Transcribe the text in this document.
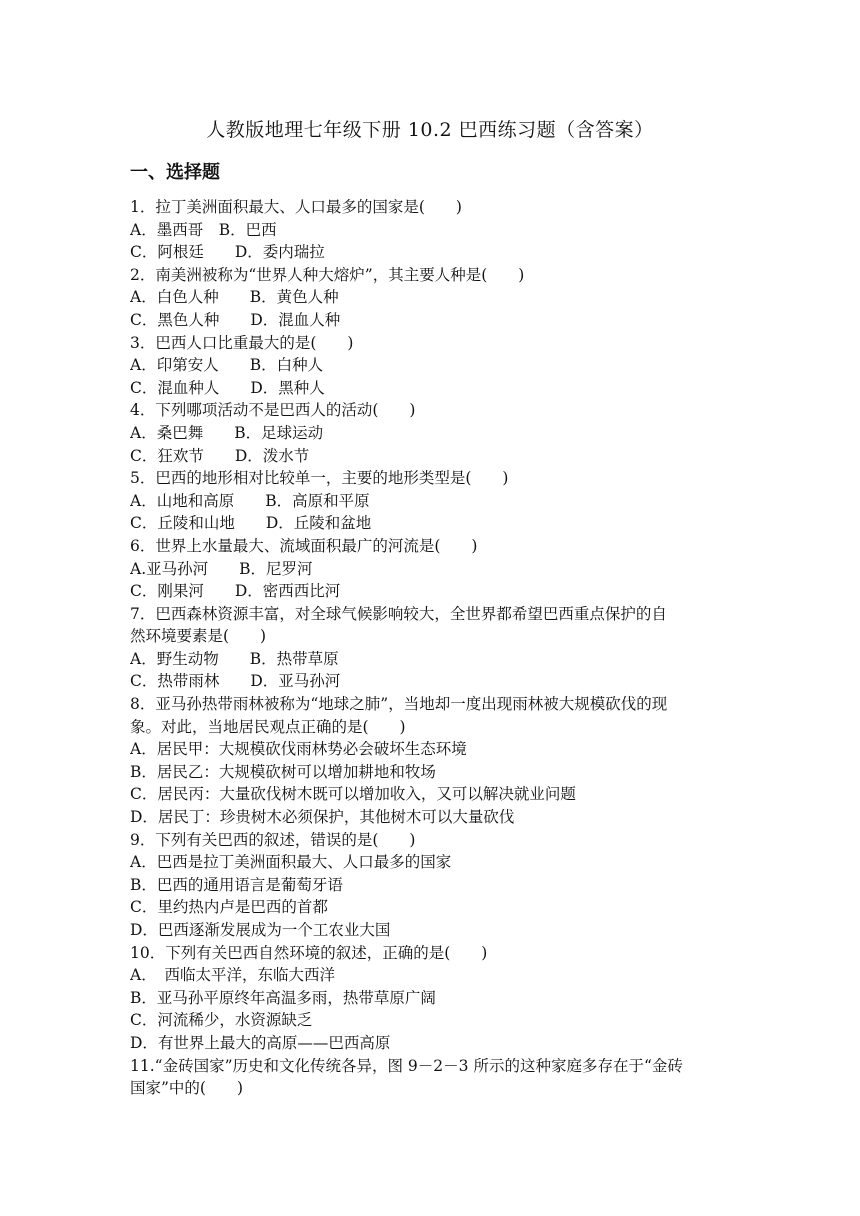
人教版地理七年级下册 10.2 巴西练习题（含答案）
一、选择题
1．拉丁美洲面积最大、人口最多的国家是(　　)
A．墨西哥　B．巴西
C．阿根廷　　D．委内瑞拉
2．南美洲被称为“世界人种大熔炉”，其主要人种是(　　)
A．白色人种　　B．黄色人种
C．黑色人种　　D．混血人种
3．巴西人口比重最大的是(　　)
A．印第安人　　B．白种人
C．混血种人　　D．黑种人
4．下列哪项活动不是巴西人的活动(　　)
A．桑巴舞　　B．足球运动
C．狂欢节　　D．泼水节
5．巴西的地形相对比较单一，主要的地形类型是(　　)
A．山地和高原　　B．高原和平原
C．丘陵和山地　　D．丘陵和盆地
6．世界上水量最大、流域面积最广的河流是(　　)
A.亚马孙河　　B．尼罗河
C．刚果河　　D．密西西比河
7．巴西森林资源丰富，对全球气候影响较大，全世界都希望巴西重点保护的自
然环境要素是(　　)
A．野生动物　　B．热带草原
C．热带雨林　　D．亚马孙河
8．亚马孙热带雨林被称为“地球之肺”，当地却一度出现雨林被大规模砍伐的现
象。对此，当地居民观点正确的是(　　)
A．居民甲：大规模砍伐雨林势必会破坏生态环境
B．居民乙：大规模砍树可以增加耕地和牧场
C．居民丙：大量砍伐树木既可以增加收入，又可以解决就业问题
D．居民丁：珍贵树木必须保护，其他树木可以大量砍伐
9．下列有关巴西的叙述，错误的是(　　)
A．巴西是拉丁美洲面积最大、人口最多的国家
B．巴西的通用语言是葡萄牙语
C．里约热内卢是巴西的首都
D．巴西逐渐发展成为一个工农业大国
10．下列有关巴西自然环境的叙述，正确的是(　　)
A．　西临太平洋，东临大西洋
B．亚马孙平原终年高温多雨，热带草原广阔
C．河流稀少，水资源缺乏
D．有世界上最大的高原——巴西高原
11.“金砖国家”历史和文化传统各异，图 9－2－3 所示的这种家庭多存在于“金砖
国家”中的(　　)
